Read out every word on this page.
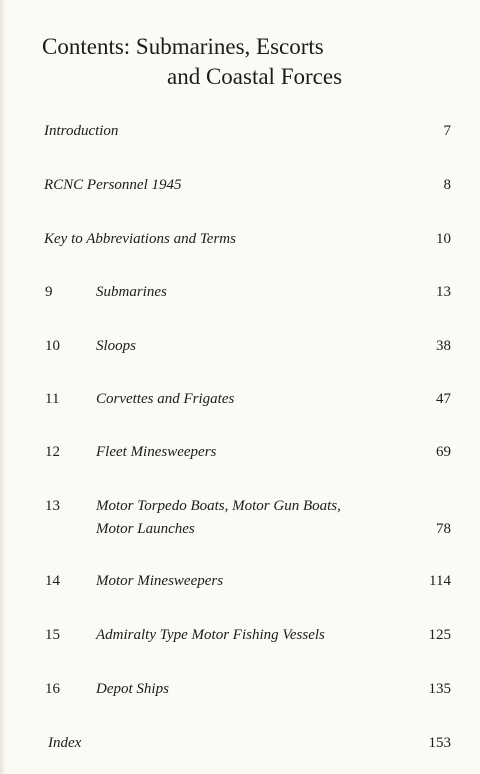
Contents: Submarines, Escorts
and Coastal Forces
Introduction	7
RCNC Personnel 1945	8
Key to Abbreviations and Terms	10
9	Submarines	13
10 Sloops	38
11 Corvettes and Frigates	47
12 Fleet Minesweepers	69
13 Motor Torpedo Boats, Motor Gun Boats,
Motor Launches	78
14 Motor Minesweepers	114
15 Admiralty Type Motor Fishing Vessels	125
16 Depot Ships	135
Index	153
